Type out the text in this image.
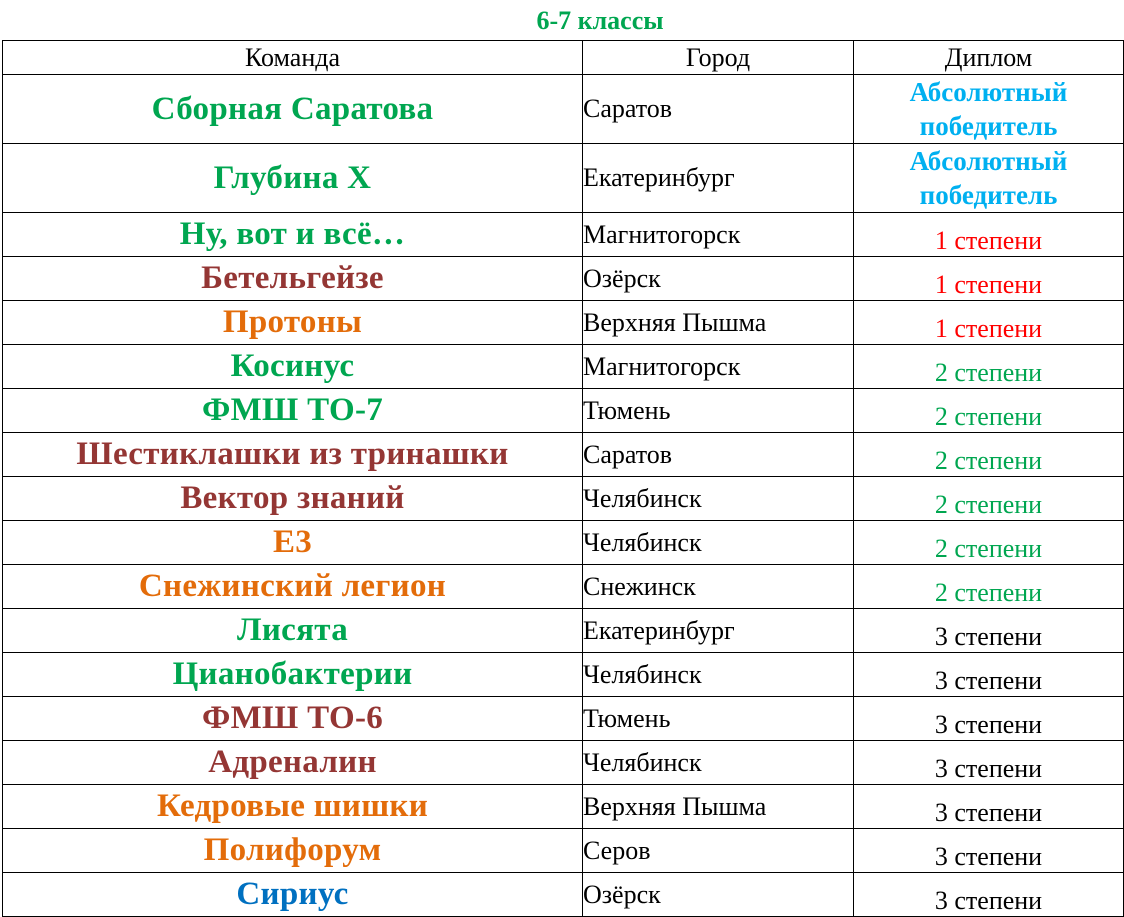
6-7 классы
Команда	Город	Диплом
Сборная Саратова	Саратов	Абсолютный победитель
Глубина Х	Екатеринбург	Абсолютный победитель
Ну, вот и всё…	Магнитогорск	1 степени
Бетельгейзе	Озёрск	1 степени
Протоны	Верхняя Пышма	1 степени
Косинус	Магнитогорск	2 степени
ФМШ ТО-7	Тюмень	2 степени
Шестиклашки из тринашки	Саратов	2 степени
Вектор знаний	Челябинск	2 степени
Е3	Челябинск	2 степени
Снежинский легион	Снежинск	2 степени
Лисята	Екатеринбург	3 степени
Цианобактерии	Челябинск	3 степени
ФМШ ТО-6	Тюмень	3 степени
Адреналин	Челябинск	3 степени
Кедровые шишки	Верхняя Пышма	3 степени
Полифорум	Серов	3 степени
Сириус	Озёрск	3 степени
